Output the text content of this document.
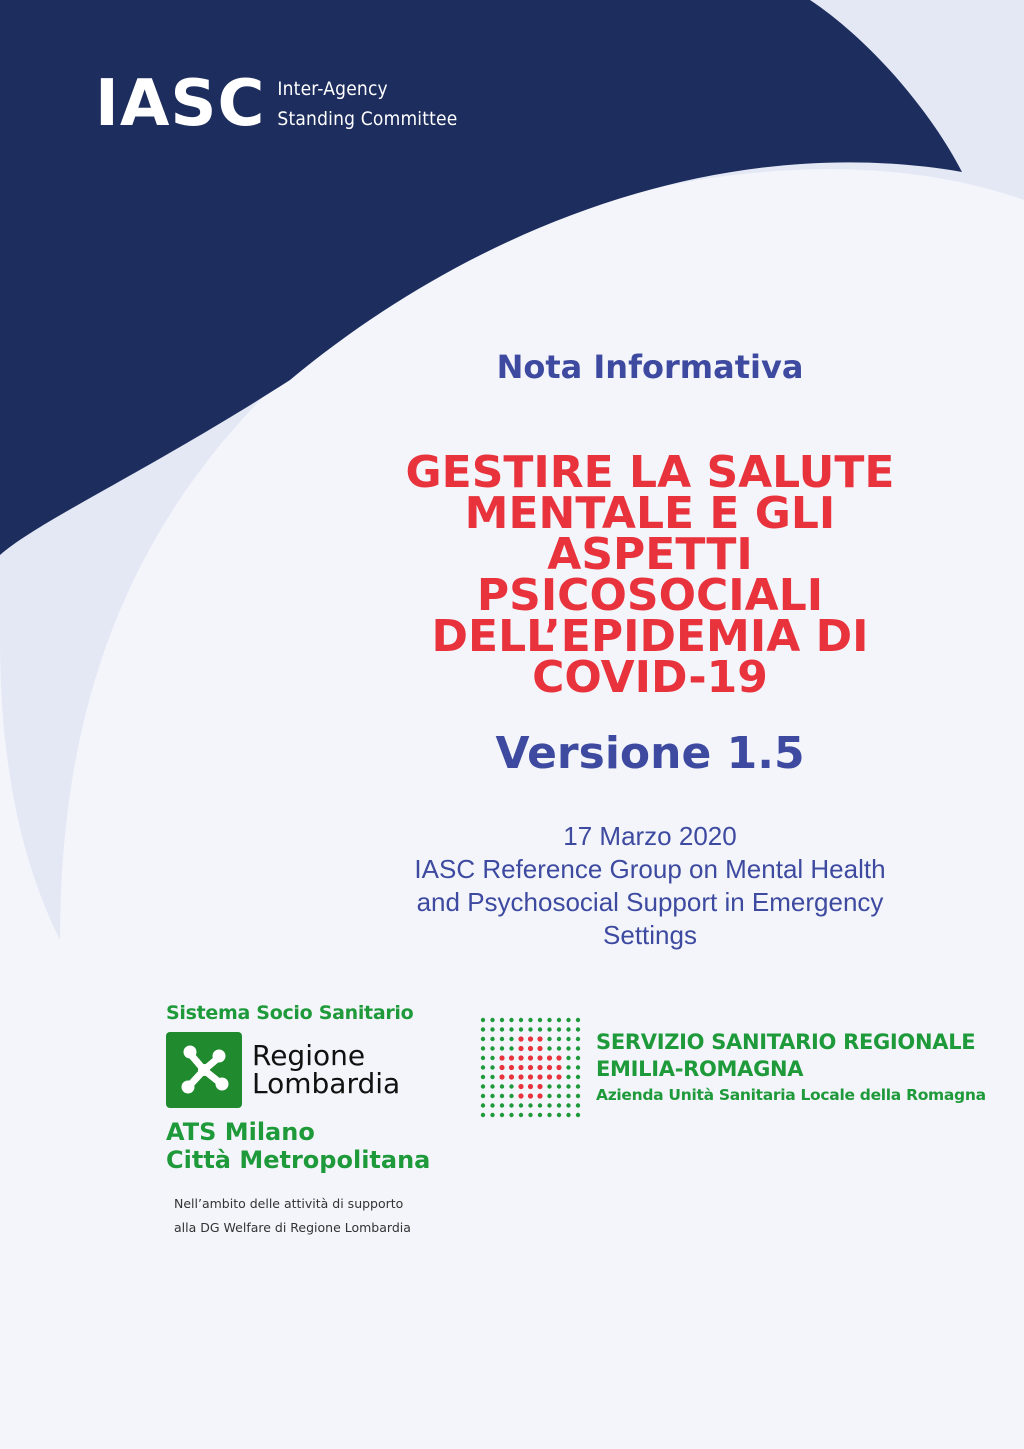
IASC Inter-Agency
Standing Committee
Nota Informativa
GESTIRE LA SALUTE
MENTALE E GLI
ASPETTI
PSICOSOCIALI
DELL’EPIDEMIA DI
COVID-19
Versione 1.5
17 Marzo 2020
IASC Reference Group on Mental Health
and Psychosocial Support in Emergency
Settings
Sistema Socio Sanitario
Regione
Lombardia
ATS Milano
Città Metropolitana
Nell’ambito delle attività di supporto
alla DG Welfare di Regione Lombardia
SERVIZIO SANITARIO REGIONALE
EMILIA-ROMAGNA
Azienda Unità Sanitaria Locale della Romagna
